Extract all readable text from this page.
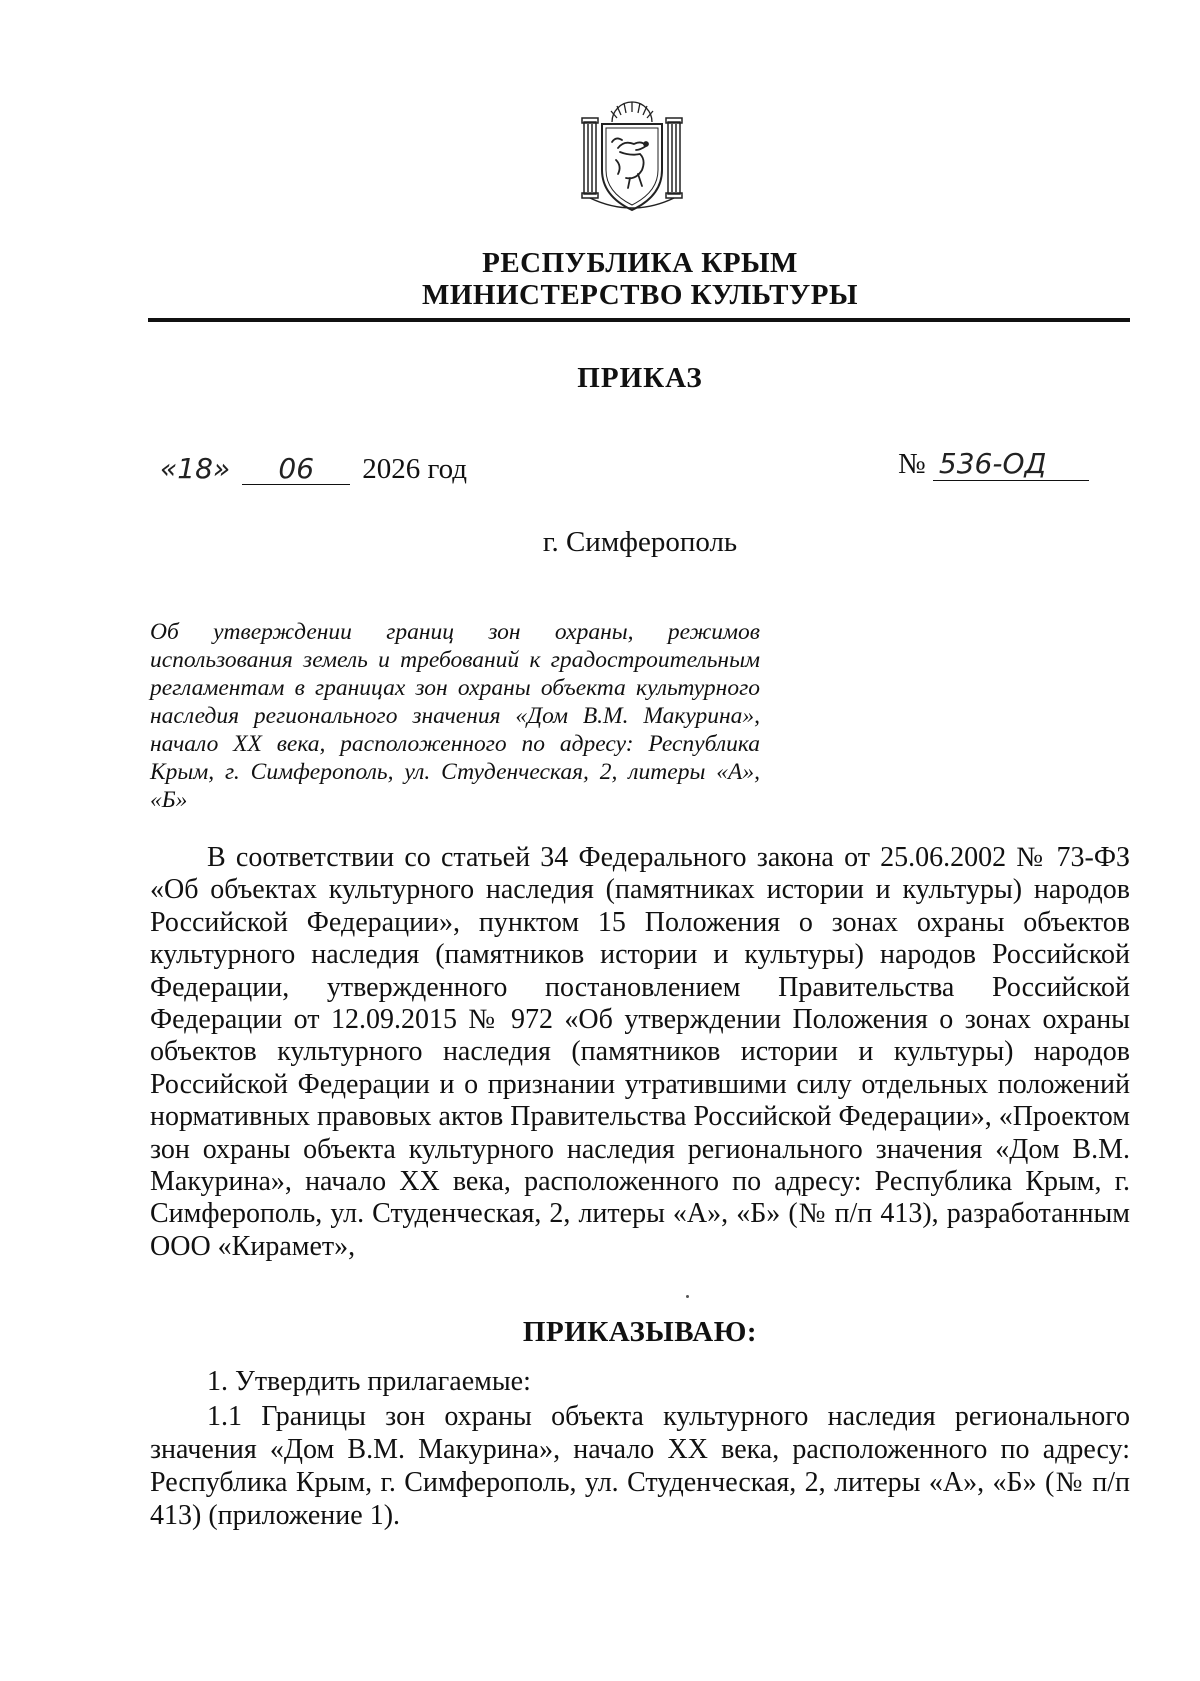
РЕСПУБЛИКА КРЫМ
МИНИСТЕРСТВО КУЛЬТУРЫ
ПРИКАЗ
«18» 06 2026 год	№ 536-ОД
г. Симферополь
Об утверждении границ зон охраны, режимов использования земель и требований к градостроительным регламентам в границах зон охраны объекта культурного наследия регионального значения «Дом В.М. Макурина», начало XX века, расположенного по адресу: Республика Крым, г. Симферополь, ул. Студенческая, 2, литеры «А», «Б»
В соответствии со статьей 34 Федерального закона от 25.06.2002 № 73-ФЗ «Об объектах культурного наследия (памятниках истории и культуры) народов Российской Федерации», пунктом 15 Положения о зонах охраны объектов культурного наследия (памятников истории и культуры) народов Российской Федерации, утвержденного постановлением Правительства Российской Федерации от 12.09.2015 № 972 «Об утверждении Положения о зонах охраны объектов культурного наследия (памятников истории и культуры) народов Российской Федерации и о признании утратившими силу отдельных положений нормативных правовых актов Правительства Российской Федерации», «Проектом зон охраны объекта культурного наследия регионального значения «Дом В.М. Макурина», начало XX века, расположенного по адресу: Республика Крым, г. Симферополь, ул. Студенческая, 2, литеры «А», «Б» (№ п/п 413), разработанным ООО «Кирамет»,
ПРИКАЗЫВАЮ:
1. Утвердить прилагаемые:
1.1 Границы зон охраны объекта культурного наследия регионального значения «Дом В.М. Макурина», начало XX века, расположенного по адресу: Республика Крым, г. Симферополь, ул. Студенческая, 2, литеры «А», «Б» (№ п/п 413) (приложение 1).
